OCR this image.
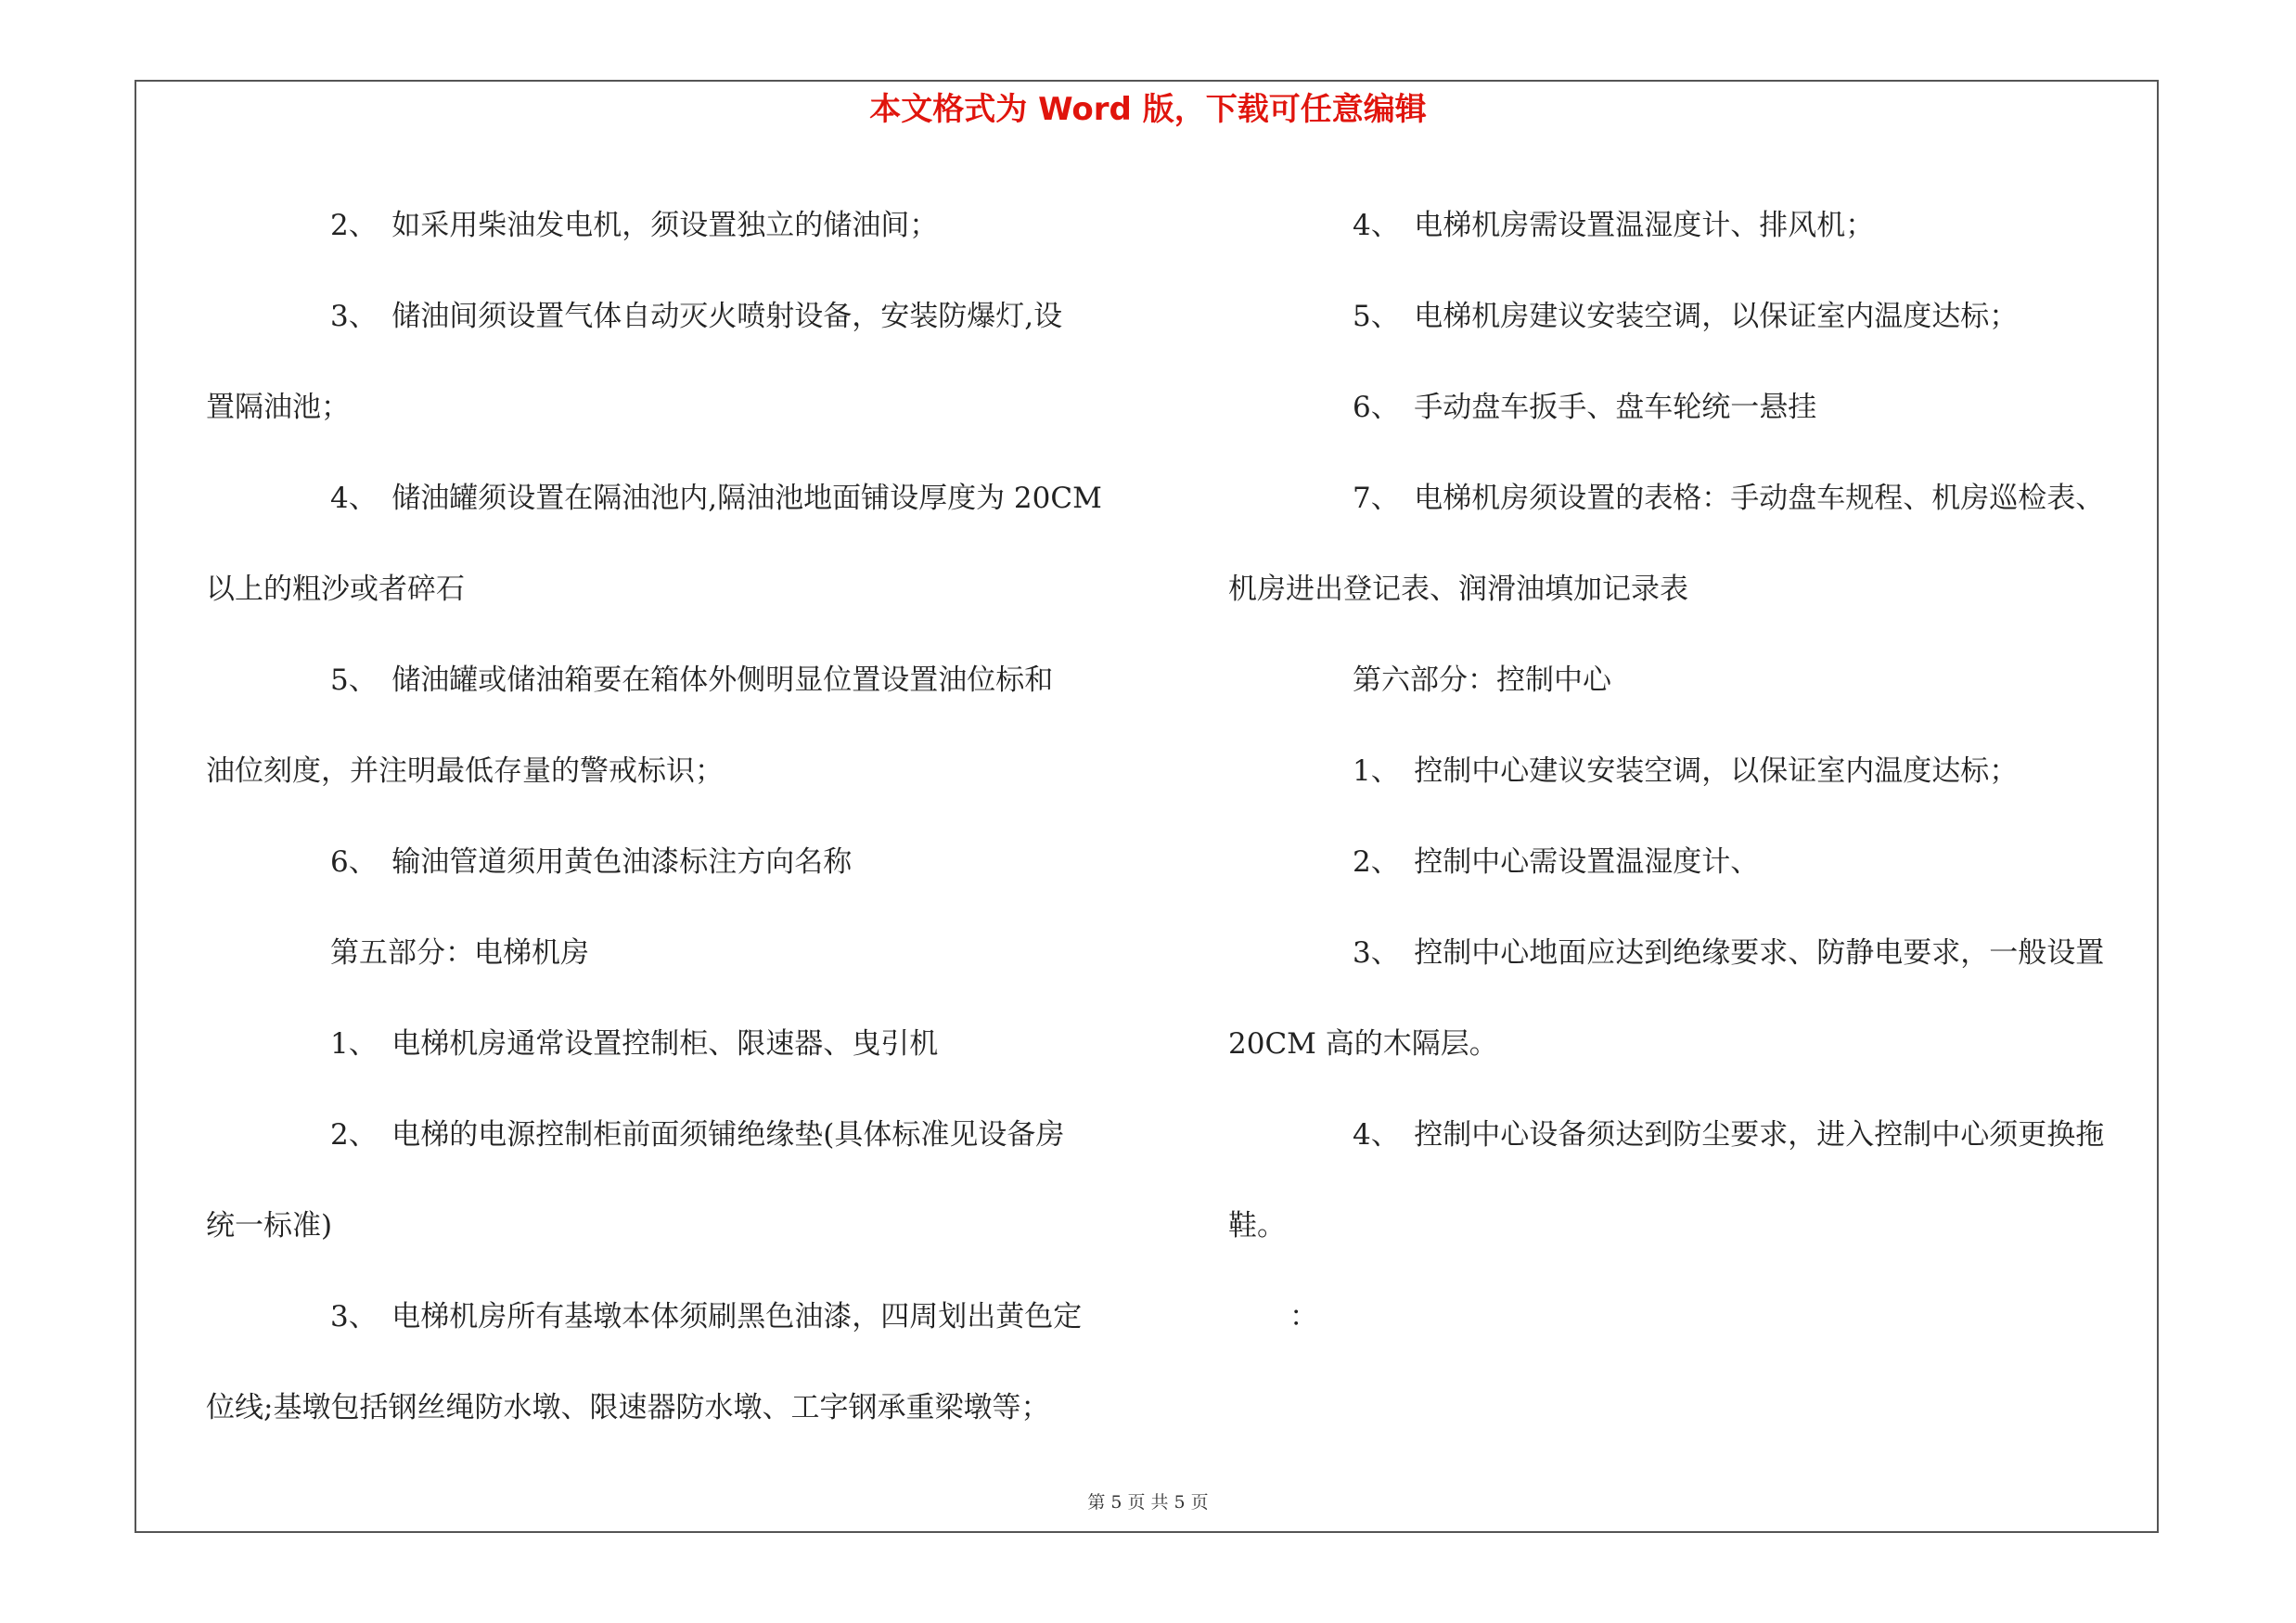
本文格式为 Word 版，下载可任意编辑
2、　如采用柴油发电机，须设置独立的储油间；
3、　储油间须设置气体自动灭火喷射设备，安装防爆灯,设
置隔油池；
4、　储油罐须设置在隔油池内,隔油池地面铺设厚度为 20CM
以上的粗沙或者碎石
5、　储油罐或储油箱要在箱体外侧明显位置设置油位标和
油位刻度，并注明最低存量的警戒标识；
6、　输油管道须用黄色油漆标注方向名称
第五部分：电梯机房
1、　电梯机房通常设置控制柜、限速器、曳引机
2、　电梯的电源控制柜前面须铺绝缘垫(具体标准见设备房
统一标准)
3、　电梯机房所有基墩本体须刷黑色油漆，四周划出黄色定
位线;基墩包括钢丝绳防水墩、限速器防水墩、工字钢承重梁墩等；
4、　电梯机房需设置温湿度计、排风机；
5、　电梯机房建议安装空调，以保证室内温度达标；
6、　手动盘车扳手、盘车轮统一悬挂
7、　电梯机房须设置的表格：手动盘车规程、机房巡检表、
机房进出登记表、润滑油填加记录表
第六部分：控制中心
1、　控制中心建议安装空调，以保证室内温度达标；
2、　控制中心需设置温湿度计、
3、　控制中心地面应达到绝缘要求、防静电要求，一般设置
20CM 高的木隔层。
4、　控制中心设备须达到防尘要求，进入控制中心须更换拖
鞋。
：
第 5 页 共 5 页
